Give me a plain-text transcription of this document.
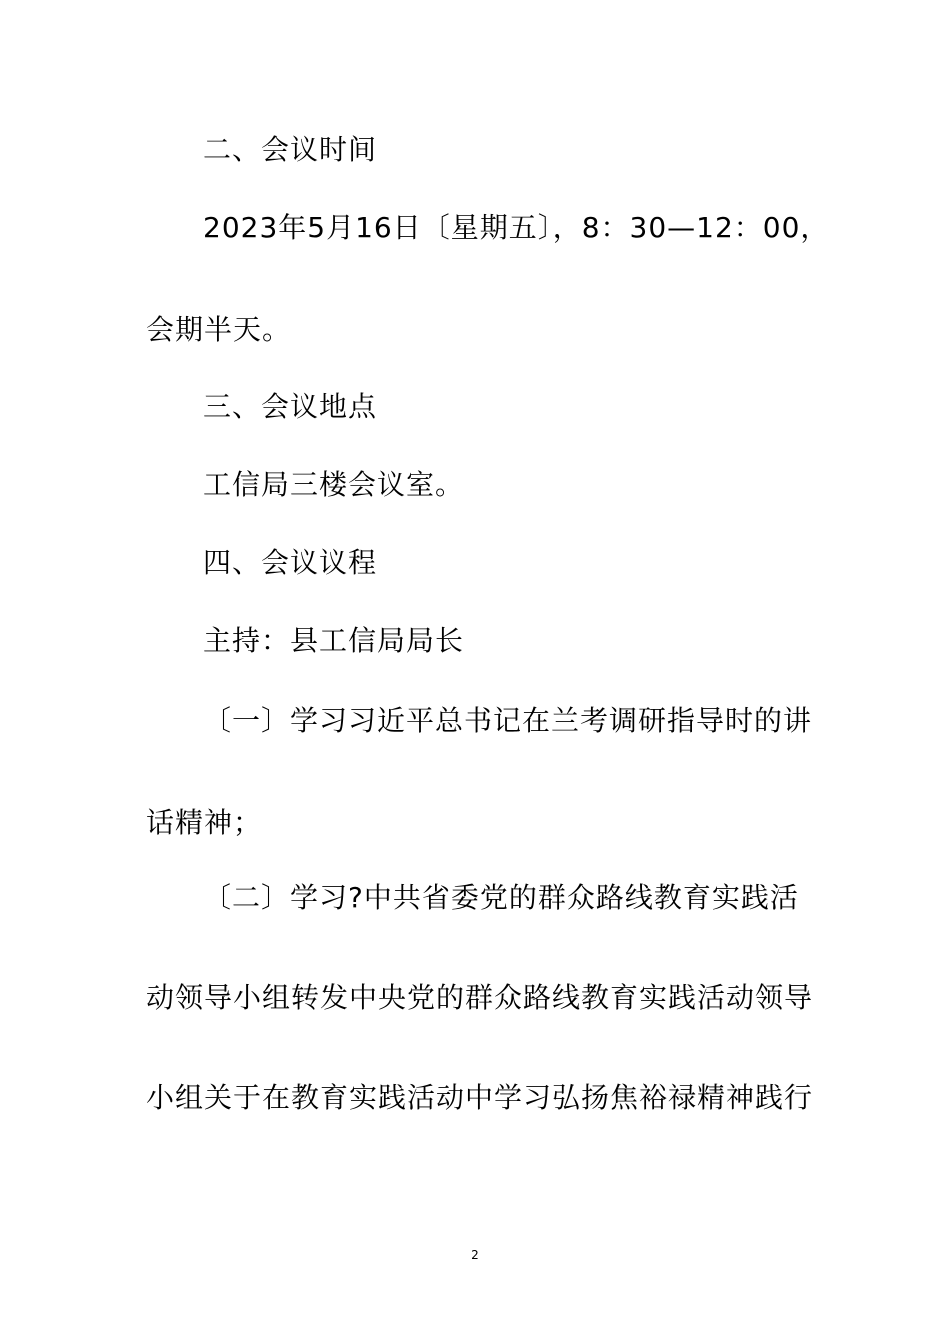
二、会议时间
2023年5月16日〔星期五〕，8：30—12：00，
会期半天。
三、会议地点
工信局三楼会议室。
四、会议议程
主持：县工信局局长
〔一〕学习习近平总书记在兰考调研指导时的讲
话精神；
〔二〕学习?中共省委党的群众路线教育实践活
动领导小组转发中央党的群众路线教育实践活动领导
小组关于在教育实践活动中学习弘扬焦裕禄精神践行
2
